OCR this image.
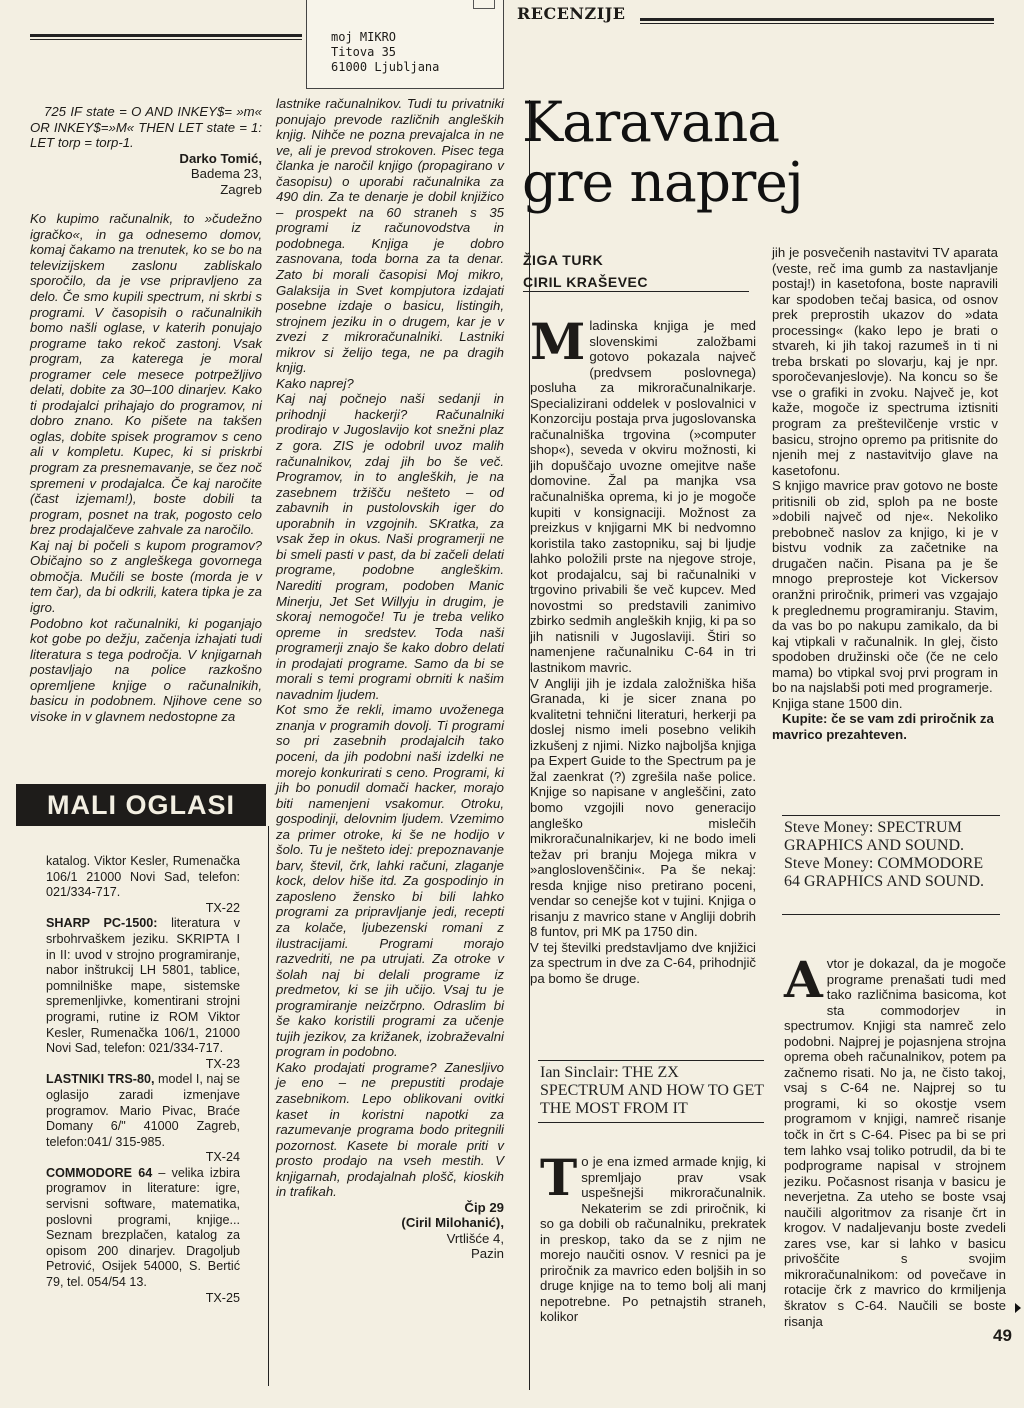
moj MIKRO
Titova 35
61000 Ljubljana
RECENZIJE

725 IF state = O AND INKEY$= »m« OR INKEY$=»M« THEN LET state = 1: LET torp = torp-1.

Darko Tomić,

Badema 23,

Zagreb

Ko kupimo računalnik, to »čudežno igračko«, in ga odnesemo domov, komaj čakamo na trenutek, ko se bo na televizijskem zaslonu zabliskalo sporočilo, da je vse pripravljeno za delo. Če smo kupili spectrum, ni skrbi s programi. V časopisih o računalnikih bomo našli oglase, v katerih ponujajo programe tako rekoč zastonj. Vsak program, za katerega je moral programer cele mesece potrpežljivo delati, dobite za 30–100 dinarjev. Kako ti prodajalci prihajajo do programov, ni dobro znano. Ko pišete na takšen oglas, dobite spisek programov s ceno ali v kompletu. Kupec, ki si priskrbi program za presnemavanje, se čez noč spremeni v prodajalca. Če kaj naročite (čast izjemam!), boste dobili ta program, posnet na trak, pogosto celo brez prodajalčeve zahvale za naročilo.

Kaj naj bi počeli s kupom programov? Običajno so z angleškega govornega območja. Mučili se boste (morda je v tem čar), da bi odkrili, katera tipka je za igro.

Podobno kot računalniki, ki poganjajo kot gobe po dežju, začenja izhajati tudi literatura s tega področja. V knjigarnah postavljajo na police razkošno opremljene knjige o računalnikih, basicu in podobnem. Njihove cene so visoke in v glavnem nedostopne za

MALI OGLASI

katalog. Viktor Kesler, Rumenačka 106/1 21000 Novi Sad, telefon: 021/334-717.

TX-22

SHARP PC-1500: literatura v srbohrvaškem jeziku. SKRIPTA I in II: uvod v strojno programiranje, nabor inštrukcij LH 5801, tablice, pomnilniške mape, sistemske spremenljivke, komentirani strojni programi, rutine iz ROM Viktor Kesler, Rumenačka 106/1, 21000 Novi Sad, telefon: 021/334-717.

TX-23

LASTNIKI TRS-80, model I, naj se oglasijo zaradi izmenjave programov. Mario Pivac, Braće Domany 6/" 41000 Zagreb, telefon:041/ 315-985.

TX-24

COMMODORE 64 – velika izbira programov in literature: igre, servisni software, matematika, poslovni programi, knjige... Seznam brezplačen, katalog za opisom 200 dinarjev. Dragoljub Petrović, Osijek 54000, S. Bertić 79, tel. 054/54 13.

TX-25

lastnike računalnikov. Tudi tu privatniki ponujajo prevode različnih angleških knjig. Nihče ne pozna prevajalca in ne ve, ali je prevod strokoven. Pisec tega članka je naročil knjigo (propagirano v časopisu) o uporabi računalnika za 490 din. Za te denarje je dobil knjižico – prospekt na 60 straneh s 35 programi iz računovodstva in podobnega. Knjiga je dobro zasnovana, toda borna za ta denar. Zato bi morali časopisi Moj mikro, Galaksija in Svet kompjutora izdajati posebne izdaje o basicu, listingih, strojnem jeziku in o drugem, kar je v zvezi z mikroračunalniki. Lastniki mikrov si želijo tega, ne pa dragih knjig.

Kako naprej?

Kaj naj počnejo naši sedanji in prihodnji hackerji? Računalniki prodirajo v Jugoslavijo kot snežni plaz z gora. ZIS je odobril uvoz malih računalnikov, zdaj jih bo še več. Programov, in to angleških, je na zasebnem tržišču nešteto – od zabavnih in pustolovskih iger do uporabnih in vzgojnih. SKratka, za vsak žep in okus. Naši programerji ne bi smeli pasti v past, da bi začeli delati programe, podobne angleškim. Narediti program, podoben Manic Minerju, Jet Set Willyju in drugim, je skoraj nemogoče! Tu je treba veliko opreme in sredstev. Toda naši programerji znajo še kako dobro delati in prodajati programe. Samo da bi se morali s temi programi obrniti k našim navadnim ljudem.

Kot smo že rekli, imamo uvoženega znanja v programih dovolj. Ti programi so pri zasebnih prodajalcih tako poceni, da jih podobni naši izdelki ne morejo konkurirati s ceno. Programi, ki jih bo ponudil domači hacker, morajo biti namenjeni vsakomur. Otroku, gospodinji, delovnim ljudem. Vzemimo za primer otroke, ki še ne hodijo v šolo. Tu je nešteto idej: prepoznavanje barv, števil, črk, lahki računi, zlaganje kock, delov hiše itd. Za gospodinjo in zaposleno žensko bi bili lahko programi za pripravljanje jedi, recepti za kolače, ljubezenski romani z ilustracijami. Programi morajo razvedriti, ne pa utrujati. Za otroke v šolah naj bi delali programe iz predmetov, ki se jih učijo. Vsaj tu je programiranje neizčrpno. Odraslim bi še kako koristili programi za učenje tujih jezikov, za križanek, izobraževalni program in podobno.

Kako prodajati programe? Zanesljivo je eno – ne prepustiti prodaje zasebnikom. Lepo oblikovani ovitki kaset in koristni napotki za razumevanje programa bodo pritegnili pozornost. Kasete bi morale priti v prosto prodajo na vseh mestih. V knjigarnah, prodajalnah plošč, kioskih in trafikah.

Čip 29

(Ciril Milohanić),

Vrtlišće 4,

Pazin

Karavana
gre naprej
ŽIGA TURK
CIRIL KRAŠEVEC

Mladinska knjiga je med slovenskimi založbami gotovo pokazala največ (predvsem poslovnega) posluha za mikroračunalnikarje. Specializirani oddelek v poslovalnici v Konzorciju postaja prva jugoslovanska računalniška trgovina (»computer shop«), seveda v okviru možnosti, ki jih dopuščajo uvozne omejitve naše domovine. Žal pa manjka vsa računalniška oprema, ki jo je mogoče kupiti v konsignaciji. Možnost za preizkus v knjigarni MK bi nedvomno koristila tako zastopniku, saj bi ljudje lahko položili prste na njegove stroje, kot prodajalcu, saj bi računalniki v trgovino privabili še več kupcev. Med novostmi so predstavili zanimivo zbirko sedmih angleških knjig, ki pa so jih natisnili v Jugoslaviji. Štiri so namenjene računalniku C-64 in tri lastnikom mavric.

V Angliji jih je izdala založniška hiša Granada, ki je sicer znana po kvalitetni tehnični literaturi, herkerji pa doslej nismo imeli posebno velikih izkušenj z njimi. Nizko najboljša knjiga pa Expert Guide to the Spectrum pa je žal zaenkrat (?) zgrešila naše police. Knjige so napisane v angleščini, zato bomo vzgojili novo generacijo angleško mislečih mikroračunalnikarjev, ki ne bodo imeli težav pri branju Mojega mikra v »angloslovenščini«. Pa še nekaj: resda knjige niso pretirano poceni, vendar so cenejše kot v tujini. Knjiga o risanju z mavrico stane v Angliji dobrih 8 funtov, pri MK pa 1750 din.

V tej številki predstavljamo dve knjižici za spectrum in dve za C-64, prihodnjič pa bomo še druge.

Ian Sinclair: THE ZX SPECTRUM AND HOW TO GET THE MOST FROM IT

To je ena izmed armade knjig, ki spremljajo prav vsak uspešnejši mikroračunalnik. Nekaterim se zdi priročnik, ki so ga dobili ob računalniku, prekratek in preskop, tako da se z njim ne morejo naučiti osnov. V resnici pa je priročnik za mavrico eden boljših in so druge knjige na to temo bolj ali manj nepotrebne. Po petnajstih straneh, kolikor

jih je posvečenih nastavitvi TV aparata (veste, reč ima gumb za nastavljanje postaj!) in kasetofona, boste napravili kar spodoben tečaj basica, od osnov prek preprostih ukazov do »data processing« (kako lepo je brati o stvareh, ki jih takoj razumeš in ti ni treba brskati po slovarju, kaj je npr. sporočevanjeslovje). Na koncu so še vse o grafiki in zvoku. Največ je, kot kaže, mogoče iz spectruma iztisniti program za preštevilčenje vrstic v basicu, strojno opremo pa pritisnite do njenih mej z nastavitvijo glave na kasetofonu.

S knjigo mavrice prav gotovo ne boste pritisnili ob zid, sploh pa ne boste »dobili največ od nje«. Nekoliko prebobneč naslov za knjigo, ki je v bistvu vodnik za začetnike na drugačen način. Pisana pa je še mnogo preprosteje kot Vickersov oranžni priročnik, primeri vas vzgajajo k preglednemu programiranju. Stavim, da vas bo po nakupu zamikalo, da bi kaj vtipkali v računalnik. In glej, čisto spodoben družinski oče (če ne celo mama) bo vtipkal svoj prvi program in bo na najslabši poti med programerje.

Knjiga stane 1500 din.

Kupite: če se vam zdi priročnik za mavrico prezahteven.

Steve Money: SPECTRUM GRAPHICS AND SOUND. Steve Money: COMMODORE 64 GRAPHICS AND SOUND.

Avtor je dokazal, da je mogoče programe prenašati tudi med tako različnima basicoma, kot sta commodorjev in spectrumov. Knjigi sta namreč zelo podobni. Najprej je pojasnjena strojna oprema obeh računalnikov, potem pa začnemo risati. No ja, ne čisto takoj, vsaj s C-64 ne. Najprej so tu programi, ki so okostje vsem programom v knjigi, namreč risanje točk in črt s C-64. Pisec pa bi se pri tem lahko vsaj toliko potrudil, da bi te podprograme napisal v strojnem jeziku. Počasnost risanja v basicu je neverjetna. Za uteho se boste vsaj naučili algoritmov za risanje črt in krogov. V nadaljevanju boste zvedeli zares vse, kar si lahko v basicu privoščite s svojim mikroračunalnikom: od povečave in rotacije črk z mavrico do krmiljenja škratov s C-64. Naučili se boste risanja

49
